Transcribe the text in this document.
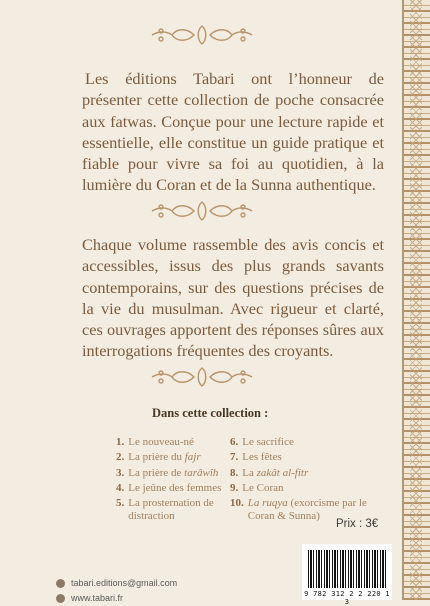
Les éditions Tabari ont l’honneur de présenter cette collection de poche consacrée aux fatwas. Conçue pour une lecture rapide et essentielle, elle constitue un guide pratique et fiable pour vivre sa foi au quotidien, à la lumière du Coran et de la Sunna authentique.

Chaque volume rassemble des avis concis et accessibles, issus des plus grands savants contemporains, sur des questions précises de la vie du musulman. Avec rigueur et clarté, ces ouvrages apportent des réponses sûres aux interrogations fréquentes des croyants.

Dans cette collection :

1. Le nouveau-né
2. La prière du fajr
3. La prière de tarâwîh
4. Le jeûne des femmes
5. La prosternation de distraction
6. Le sacrifice
7. Les fêtes
8. La zakât al-fitr
9. Le Coran
10. La ruqya (exorcisme par le Coran & Sunna)
Prix : 3€
9 782 312 2 2 220 1 3
tabari.editions@gmail.com
www.tabari.fr
